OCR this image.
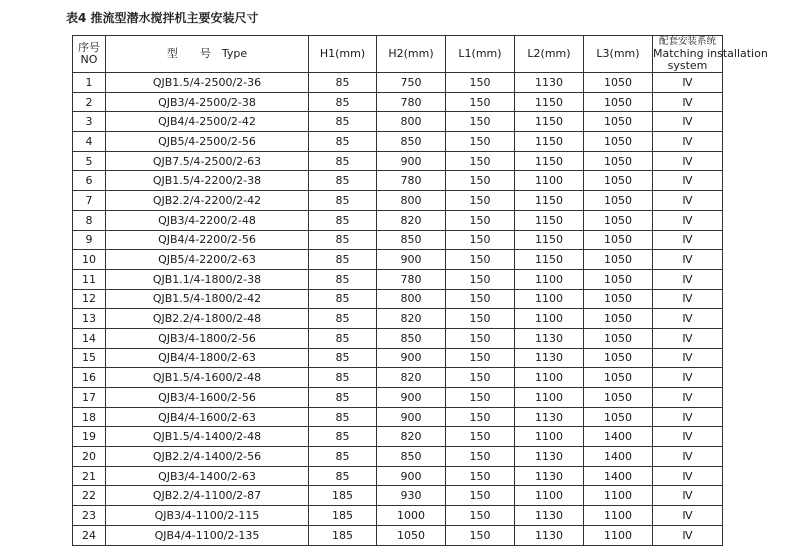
表4 推流型潜水搅拌机主要安装尺寸
序号
NO	型　　号　Type	H1(mm)	H2(mm)	L1(mm)	L2(mm)	L3(mm)	配套安装系统
Matching installation
system

1	QJB1.5/4-2500/2-36	85	750	150	1130	1050	Ⅳ
2	QJB3/4-2500/2-38	85	780	150	1150	1050	Ⅳ
3	QJB4/4-2500/2-42	85	800	150	1150	1050	Ⅳ
4	QJB5/4-2500/2-56	85	850	150	1150	1050	Ⅳ
5	QJB7.5/4-2500/2-63	85	900	150	1150	1050	Ⅳ
6	QJB1.5/4-2200/2-38	85	780	150	1100	1050	Ⅳ
7	QJB2.2/4-2200/2-42	85	800	150	1150	1050	Ⅳ
8	QJB3/4-2200/2-48	85	820	150	1150	1050	Ⅳ
9	QJB4/4-2200/2-56	85	850	150	1150	1050	Ⅳ
10	QJB5/4-2200/2-63	85	900	150	1150	1050	Ⅳ
11	QJB1.1/4-1800/2-38	85	780	150	1100	1050	Ⅳ
12	QJB1.5/4-1800/2-42	85	800	150	1100	1050	Ⅳ
13	QJB2.2/4-1800/2-48	85	820	150	1100	1050	Ⅳ
14	QJB3/4-1800/2-56	85	850	150	1130	1050	Ⅳ
15	QJB4/4-1800/2-63	85	900	150	1130	1050	Ⅳ
16	QJB1.5/4-1600/2-48	85	820	150	1100	1050	Ⅳ
17	QJB3/4-1600/2-56	85	900	150	1100	1050	Ⅳ
18	QJB4/4-1600/2-63	85	900	150	1130	1050	Ⅳ
19	QJB1.5/4-1400/2-48	85	820	150	1100	1400	Ⅳ
20	QJB2.2/4-1400/2-56	85	850	150	1130	1400	Ⅳ
21	QJB3/4-1400/2-63	85	900	150	1130	1400	Ⅳ
22	QJB2.2/4-1100/2-87	185	930	150	1100	1100	Ⅳ
23	QJB3/4-1100/2-115	185	1000	150	1130	1100	Ⅳ
24	QJB4/4-1100/2-135	185	1050	150	1130	1100	Ⅳ
